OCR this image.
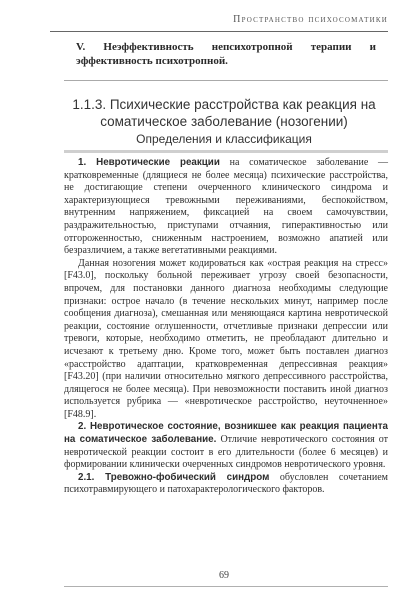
Пространство психосоматики
V. Неэффективность непсихотропной терапии и эффективность психотропной.
1.1.3. Психические расстройства как реакция на соматическое заболевание (нозогении)
Определения и классификация

1. Невротические реакции на соматическое заболевание — кратковременные (длящиеся не более месяца) психические расстройства, не достигающие степени очерченного клинического синдрома и характеризующиеся тревожными переживаниями, беспокойством, внутренним напряжением, фиксацией на своем самочувствии, раздражительностью, приступами отчаяния, гиперактивностью или отгороженностью, сниженным настроением, возможно апатией или безразличием, а также вегетативными реакциями.

Данная нозогения может кодироваться как «острая реакция на стресс» [F43.0], поскольку больной переживает угрозу своей безопасности, впрочем, для постановки данного диагноза необходимы следующие признаки: острое начало (в течение нескольких минут, например после сообщения диагноза), смешанная или меняющаяся картина невротической реакции, состояние оглушенности, отчетливые признаки депрессии или тревоги, которые, необходимо отметить, не преобладают длительно и исчезают к третьему дню. Кроме того, может быть поставлен диагноз «расстройство адаптации, кратковременная депрессивная реакция» [F43.20] (при наличии относительно мягкого депрессивного расстройства, длящегося не более месяца). При невозможности поставить иной диагноз используется рубрика — «невротическое расстройство, неуточненное» [F48.9].

2. Невротическое состояние, возникшее как реакция пациента на соматическое заболевание. Отличие невротического состояния от невротической реакции состоит в его длительности (более 6 месяцев) и формировании клинически очерченных синдромов невротического уровня.

2.1. Тревожно-фобический синдром обусловлен сочетанием психотравмирующего и патохарактерологического факторов.

69
